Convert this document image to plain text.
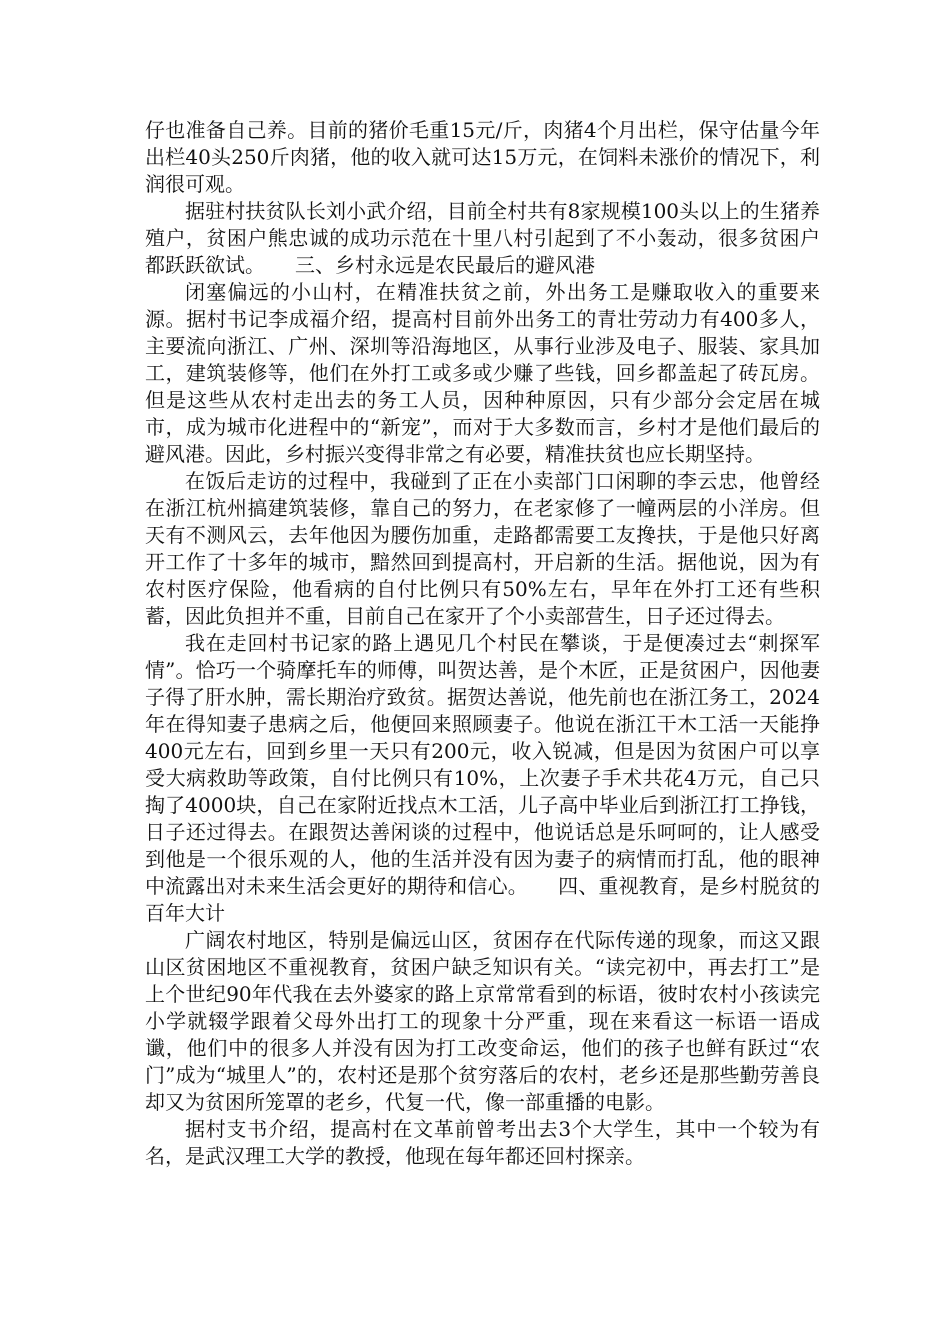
仔也准备自己养。目前的猪价毛重15元/斤，肉猪4个月出栏，保守估量今年出栏40头250斤肉猪，他的收入就可达15万元，在饲料未涨价的情况下，利润很可观。

据驻村扶贫队长刘小武介绍，目前全村共有8家规模100头以上的生猪养殖户，贫困户熊忠诚的成功示范在十里八村引起到了不小轰动，很多贫困户都跃跃欲试。　　三、乡村永远是农民最后的避风港

闭塞偏远的小山村，在精准扶贫之前，外出务工是赚取收入的重要来源。据村书记李成福介绍，提高村目前外出务工的青壮劳动力有400多人，主要流向浙江、广州、深圳等沿海地区，从事行业涉及电子、服装、家具加工，建筑装修等，他们在外打工或多或少赚了些钱，回乡都盖起了砖瓦房。但是这些从农村走出去的务工人员，因种种原因，只有少部分会定居在城市，成为城市化进程中的“新宠”，而对于大多数而言，乡村才是他们最后的避风港。因此，乡村振兴变得非常之有必要，精准扶贫也应长期坚持。

在饭后走访的过程中，我碰到了正在小卖部门口闲聊的李云忠，他曾经在浙江杭州搞建筑装修，靠自己的努力，在老家修了一幢两层的小洋房。但天有不测风云，去年他因为腰伤加重，走路都需要工友搀扶，于是他只好离开工作了十多年的城市，黯然回到提高村，开启新的生活。据他说，因为有农村医疗保险，他看病的自付比例只有50%左右，早年在外打工还有些积蓄，因此负担并不重，目前自己在家开了个小卖部营生，日子还过得去。

我在走回村书记家的路上遇见几个村民在攀谈，于是便凑过去“刺探军情”。恰巧一个骑摩托车的师傅，叫贺达善，是个木匠，正是贫困户，因他妻子得了肝水肿，需长期治疗致贫。据贺达善说，他先前也在浙江务工，2024年在得知妻子患病之后，他便回来照顾妻子。他说在浙江干木工活一天能挣400元左右，回到乡里一天只有200元，收入锐减，但是因为贫困户可以享受大病救助等政策，自付比例只有10%，上次妻子手术共花4万元，自己只掏了4000块，自己在家附近找点木工活，儿子高中毕业后到浙江打工挣钱，日子还过得去。在跟贺达善闲谈的过程中，他说话总是乐呵呵的，让人感受到他是一个很乐观的人，他的生活并没有因为妻子的病情而打乱，他的眼神中流露出对未来生活会更好的期待和信心。　　四、重视教育，是乡村脱贫的百年大计

广阔农村地区，特别是偏远山区，贫困存在代际传递的现象，而这又跟山区贫困地区不重视教育，贫困户缺乏知识有关。“读完初中，再去打工”是上个世纪90年代我在去外婆家的路上京常常看到的标语，彼时农村小孩读完小学就辍学跟着父母外出打工的现象十分严重，现在来看这一标语一语成谶，他们中的很多人并没有因为打工改变命运，他们的孩子也鲜有跃过“农门”成为“城里人”的，农村还是那个贫穷落后的农村，老乡还是那些勤劳善良却又为贫困所笼罩的老乡，代复一代，像一部重播的电影。

据村支书介绍，提高村在文革前曾考出去3个大学生，其中一个较为有名，是武汉理工大学的教授，他现在每年都还回村探亲。
